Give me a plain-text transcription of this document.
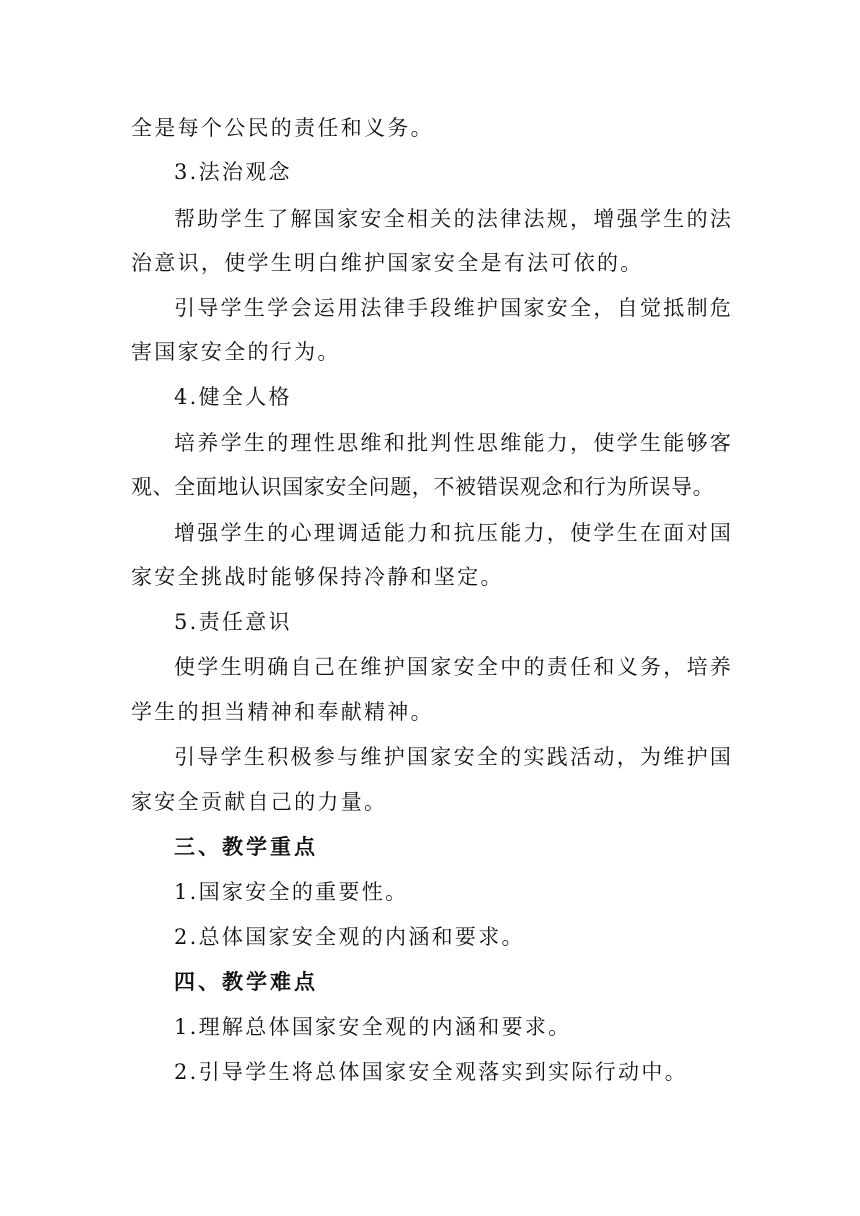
全是每个公民的责任和义务。
3.法治观念
帮助学生了解国家安全相关的法律法规，增强学生的法
治意识，使学生明白维护国家安全是有法可依的。
引导学生学会运用法律手段维护国家安全，自觉抵制危
害国家安全的行为。
4.健全人格
培养学生的理性思维和批判性思维能力，使学生能够客
观、全面地认识国家安全问题，不被错误观念和行为所误导。
增强学生的心理调适能力和抗压能力，使学生在面对国
家安全挑战时能够保持冷静和坚定。
5.责任意识
使学生明确自己在维护国家安全中的责任和义务，培养
学生的担当精神和奉献精神。
引导学生积极参与维护国家安全的实践活动，为维护国
家安全贡献自己的力量。
三、教学重点
1.国家安全的重要性。
2.总体国家安全观的内涵和要求。
四、教学难点
1.理解总体国家安全观的内涵和要求。
2.引导学生将总体国家安全观落实到实际行动中。
